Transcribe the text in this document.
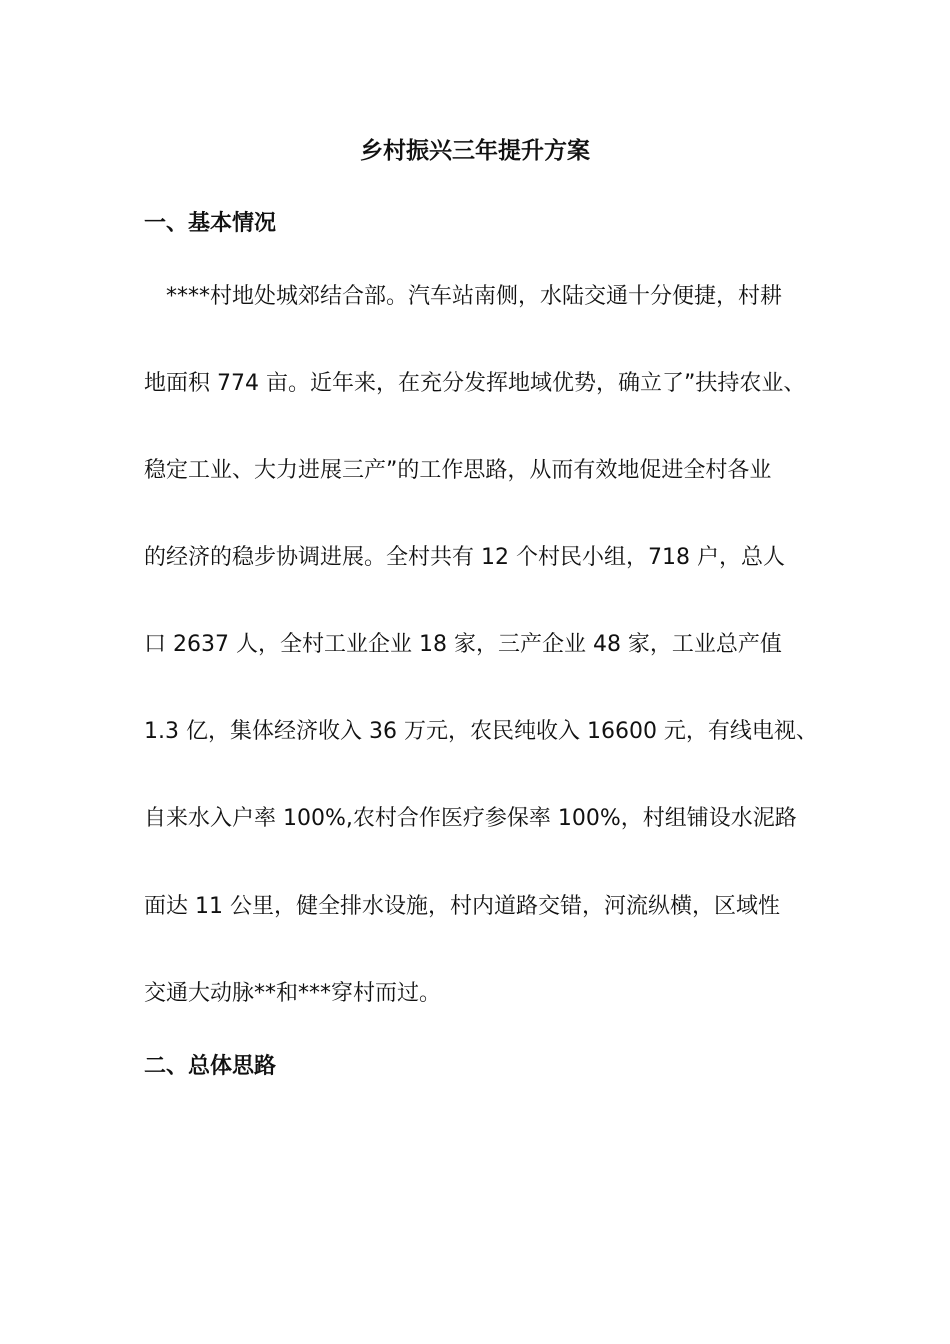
乡村振兴三年提升方案
一、基本情况
 ****村地处城郊结合部。汽车站南侧，水陆交通十分便捷，村耕
地面积 774 亩。近年来，在充分发挥地域优势，确立了”扶持农业、
稳定工业、大力进展三产”的工作思路，从而有效地促进全村各业
的经济的稳步协调进展。全村共有 12 个村民小组，718 户，总人
口 2637 人，全村工业企业 18 家，三产企业 48 家，工业总产值
1.3 亿，集体经济收入 36 万元，农民纯收入 16600 元，有线电视、
自来水入户率 100%,农村合作医疗参保率 100%，村组铺设水泥路
面达 11 公里，健全排水设施，村内道路交错，河流纵横，区域性
交通大动脉**和***穿村而过。
二、总体思路
